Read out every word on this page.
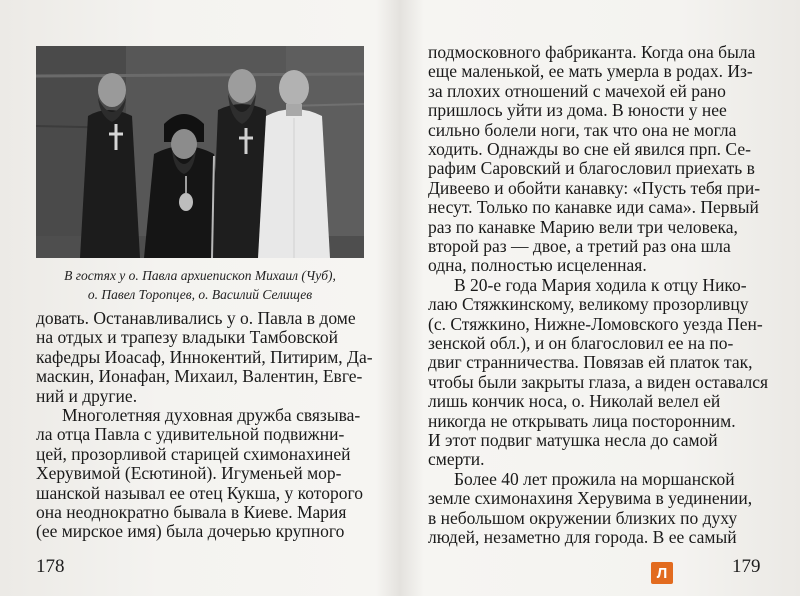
В гостях у о. Павла архиепископ Михаил (Чуб),
о. Павел Торопцев, о. Василий Селищев
подмосковного фабриканта. Когда она была
еще маленькой, ее мать умерла в родах. Из-
за плохих отношений с мачехой ей рано
пришлось уйти из дома. В юности у нее
сильно болели ноги, так что она не могла
ходить. Однажды во сне ей явился прп. Се-
рафим Саровский и благословил приехать в
Дивеево и обойти канавку: «Пусть тебя при-
несут. Только по канавке иди сама». Первый
раз по канавке Марию вели три человека,
второй раз — двое, а третий раз она шла
одна, полностью исцеленная.
В 20-е года Мария ходила к отцу Нико-
лаю Стяжкинскому, великому прозорливцу
(с. Стяжкино, Нижне-Ломовского уезда Пен-
зенской обл.), и он благословил ее на по-
двиг странничества. Повязав ей платок так,
чтобы были закрыты глаза, а виден оставался
лишь кончик носа, о. Николай велел ей
никогда не открывать лица посторонним.
И этот подвиг матушка несла до самой
смерти.
Более 40 лет прожила на моршанской
земле схимонахиня Херувима в уединении,
в небольшом окружении близких по духу
людей, незаметно для города. В ее самый
довать. Останавливались у о. Павла в доме
на отдых и трапезу владыки Тамбовской
кафедры Иоасаф, Иннокентий, Питирим, Да-
маскин, Ионафан, Михаил, Валентин, Евге-
ний и другие.
Многолетняя духовная дружба связыва-
ла отца Павла с удивительной подвижни-
цей, прозорливой старицей схимонахиней
Херувимой (Есютиной). Игуменьей мор-
шанской называл ее отец Кукша, у которого
она неоднократно бывала в Киеве. Мария
(ее мирское имя) была дочерью крупного
178	179
Л
